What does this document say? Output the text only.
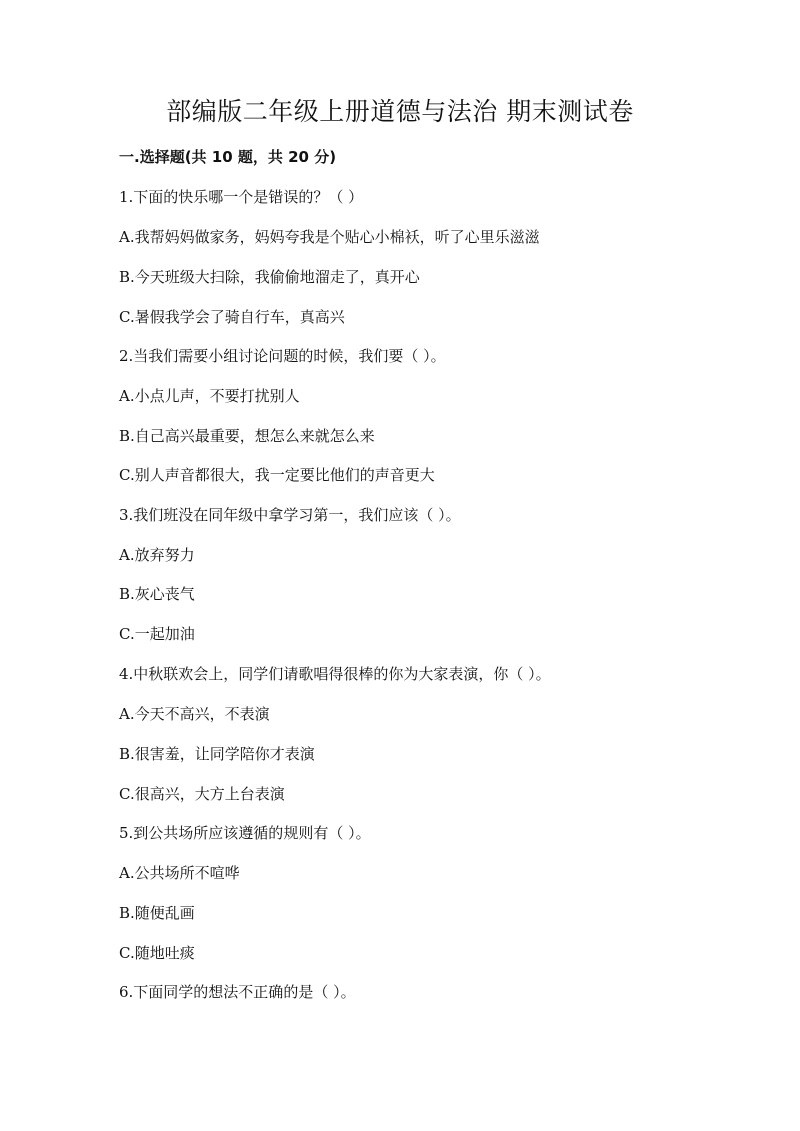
部编版二年级上册道德与法治 期末测试卷
一.选择题(共 10 题，共 20 分)
1.下面的快乐哪一个是错误的？（ ）
A.我帮妈妈做家务，妈妈夸我是个贴心小棉袄，听了心里乐滋滋
B.今天班级大扫除，我偷偷地溜走了，真开心
C.暑假我学会了骑自行车，真高兴
2.当我们需要小组讨论问题的时候，我们要（ ）。
A.小点儿声，不要打扰别人
B.自己高兴最重要，想怎么来就怎么来
C.别人声音都很大，我一定要比他们的声音更大
3.我们班没在同年级中拿学习第一，我们应该（ ）。
A.放弃努力
B.灰心丧气
C.一起加油
4.中秋联欢会上，同学们请歌唱得很棒的你为大家表演，你（ ）。
A.今天不高兴，不表演
B.很害羞，让同学陪你才表演
C.很高兴，大方上台表演
5.到公共场所应该遵循的规则有（ ）。
A.公共场所不喧哗
B.随便乱画
C.随地吐痰
6.下面同学的想法不正确的是（ ）。
